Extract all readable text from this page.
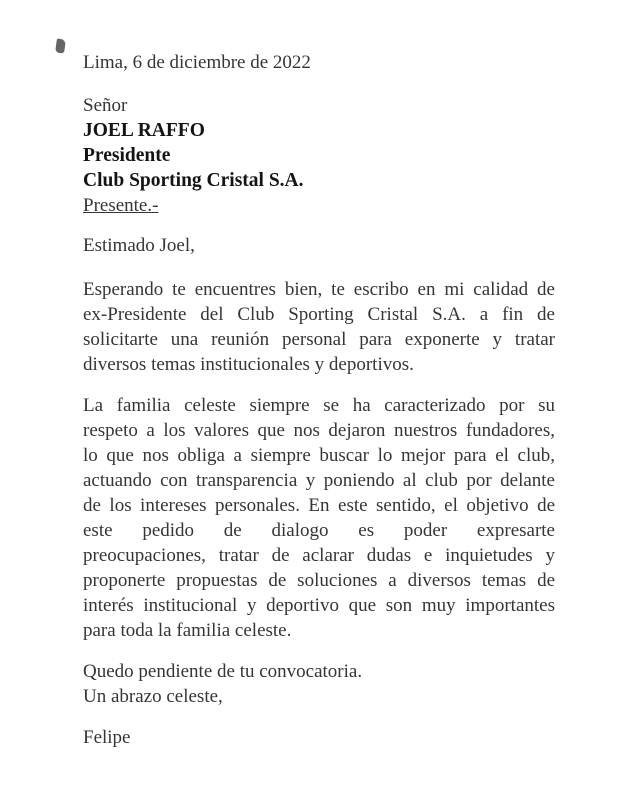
Lima, 6 de diciembre de 2022
Señor
JOEL RAFFO
Presidente
Club Sporting Cristal S.A.
Presente.-
Estimado Joel,
Esperando te encuentres bien, te escribo en mi calidad de
ex-Presidente del Club Sporting Cristal S.A. a fin de
solicitarte una reunión personal para exponerte y tratar
diversos temas institucionales y deportivos.
La familia celeste siempre se ha caracterizado por su
respeto a los valores que nos dejaron nuestros fundadores,
lo que nos obliga a siempre buscar lo mejor para el club,
actuando con transparencia y poniendo al club por delante
de los intereses personales. En este sentido, el objetivo de
este pedido de dialogo es poder expresarte
preocupaciones, tratar de aclarar dudas e inquietudes y
proponerte propuestas de soluciones a diversos temas de
interés institucional y deportivo que son muy importantes
para toda la familia celeste.
Quedo pendiente de tu convocatoria.
Un abrazo celeste,
Felipe
